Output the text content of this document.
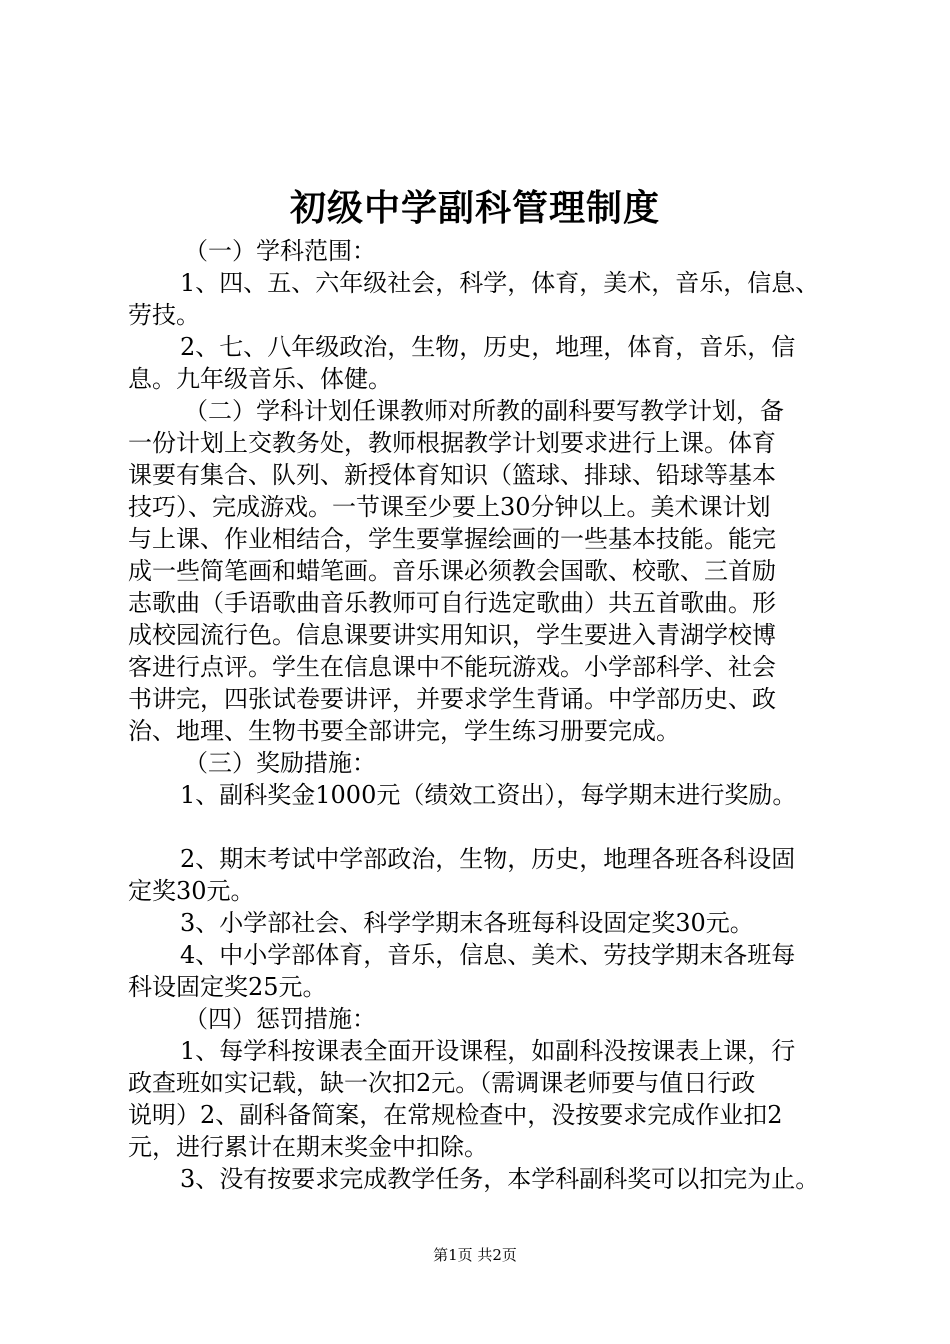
初级中学副科管理制度
（一）学科范围：
1、四、五、六年级社会，科学，体育，美术，音乐，信息、
劳技。
2、七、八年级政治，生物，历史，地理，体育，音乐，信
息。九年级音乐、体健。
（二）学科计划任课教师对所教的副科要写教学计划，备
一份计划上交教务处，教师根据教学计划要求进行上课。体育
课要有集合、队列、新授体育知识（篮球、排球、铅球等基本
技巧）、完成游戏。一节课至少要上30分钟以上。美术课计划
与上课、作业相结合，学生要掌握绘画的一些基本技能。能完
成一些简笔画和蜡笔画。音乐课必须教会国歌、校歌、三首励
志歌曲（手语歌曲音乐教师可自行选定歌曲）共五首歌曲。形
成校园流行色。信息课要讲实用知识，学生要进入青湖学校博
客进行点评。学生在信息课中不能玩游戏。小学部科学、社会
书讲完，四张试卷要讲评，并要求学生背诵。中学部历史、政
治、地理、生物书要全部讲完，学生练习册要完成。
（三）奖励措施：
1、副科奖金1000元（绩效工资出），每学期末进行奖励。
2、期末考试中学部政治，生物，历史，地理各班各科设固
定奖30元。
3、小学部社会、科学学期末各班每科设固定奖30元。
4、中小学部体育，音乐，信息、美术、劳技学期末各班每
科设固定奖25元。
（四）惩罚措施：
1、每学科按课表全面开设课程，如副科没按课表上课，行
政查班如实记载，缺一次扣2元。（需调课老师要与值日行政
说明）2、副科备简案，在常规检查中，没按要求完成作业扣2
元，进行累计在期末奖金中扣除。
3、没有按要求完成教学任务，本学科副科奖可以扣完为止。
第1页 共2页
